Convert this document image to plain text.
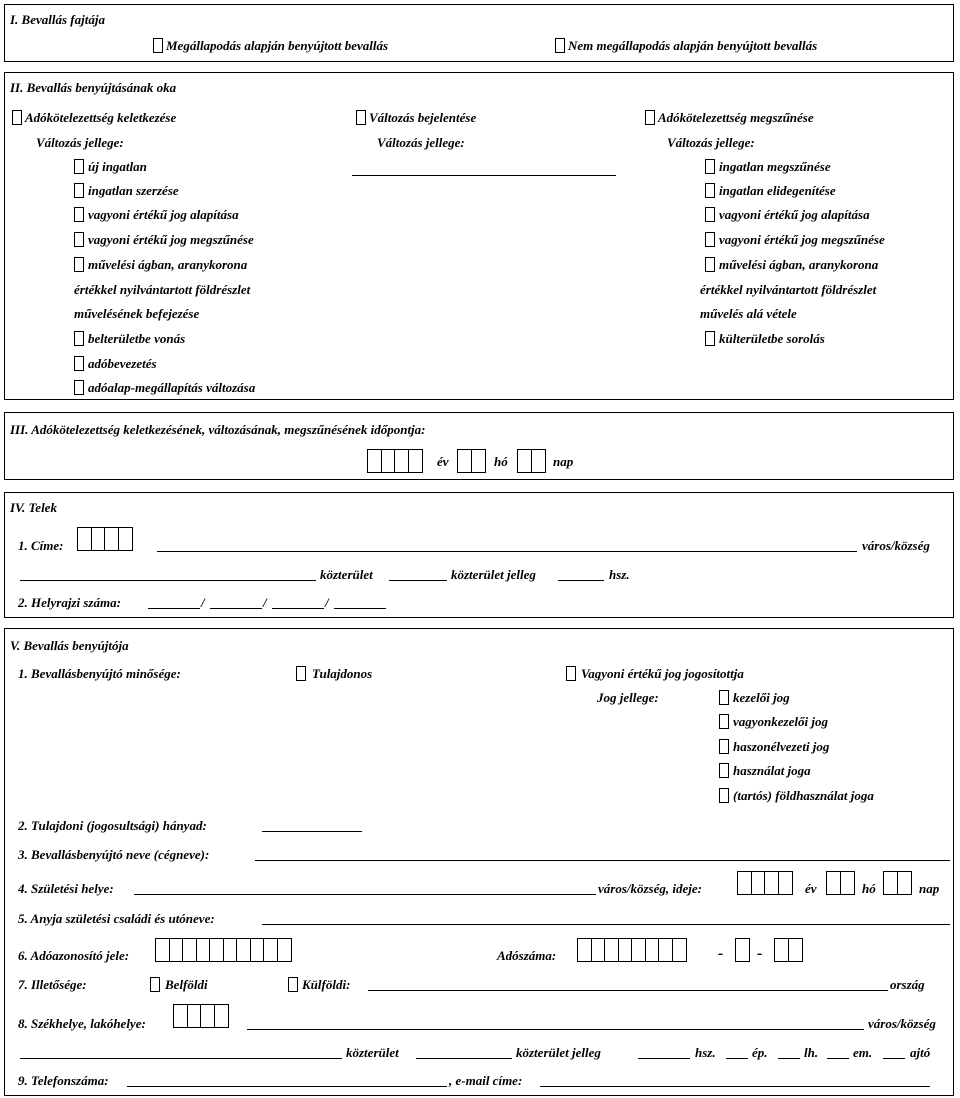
I. Bevallás fajtája
Megállapodás alapján benyújtott bevallás	Nem megállapodás alapján benyújtott bevallás
II. Bevallás benyújtásának oka
Adókötelezettség keletkezése
Változás jellege:
új ingatlan
ingatlan szerzése
vagyoni értékű jog alapítása
vagyoni értékű jog megszűnése
művelési ágban, aranykorona
értékkel nyilvántartott földrészlet
művelésének befejezése
belterületbe vonás
adóbevezetés
adóalap-megállapítás változása
Változás bejelentése
Változás jellege:
Adókötelezettség megszűnése
Változás jellege:
ingatlan megszűnése
ingatlan elidegenítése
vagyoni értékű jog alapítása
vagyoni értékű jog megszűnése
művelési ágban, aranykorona
értékkel nyilvántartott földrészlet
művelés alá vétele
külterületbe sorolás
III. Adókötelezettség keletkezésének, változásának, megszűnésének időpontja:
év	hó	nap
IV. Telek
1. Címe:	város/község
közterület	közterület jelleg	hsz.
2. Helyrajzi száma:	/	/	/
V. Bevallás benyújtója
1. Bevallásbenyújtó minősége:	Tulajdonos	Vagyoni értékű jog jogosítottja
Jog jellege:	kezelői jog
vagyonkezelői jog
haszonélvezeti jog
használat joga
(tartós) földhasználat joga
2. Tulajdoni (jogosultsági) hányad:
3. Bevallásbenyújtó neve (cégneve):
4. Születési helye:	város/község, ideje:	év	hó	nap
5. Anyja születési családi és utóneve:
6. Adóazonosító jele:	Adószáma:	- -
7. Illetősége:	Belföldi	Külföldi:	ország
8. Székhelye, lakóhelye:	város/község
közterület	közterület jelleg	hsz.	ép.	lh.	em.	ajtó
9. Telefonszáma:	, e-mail címe:
